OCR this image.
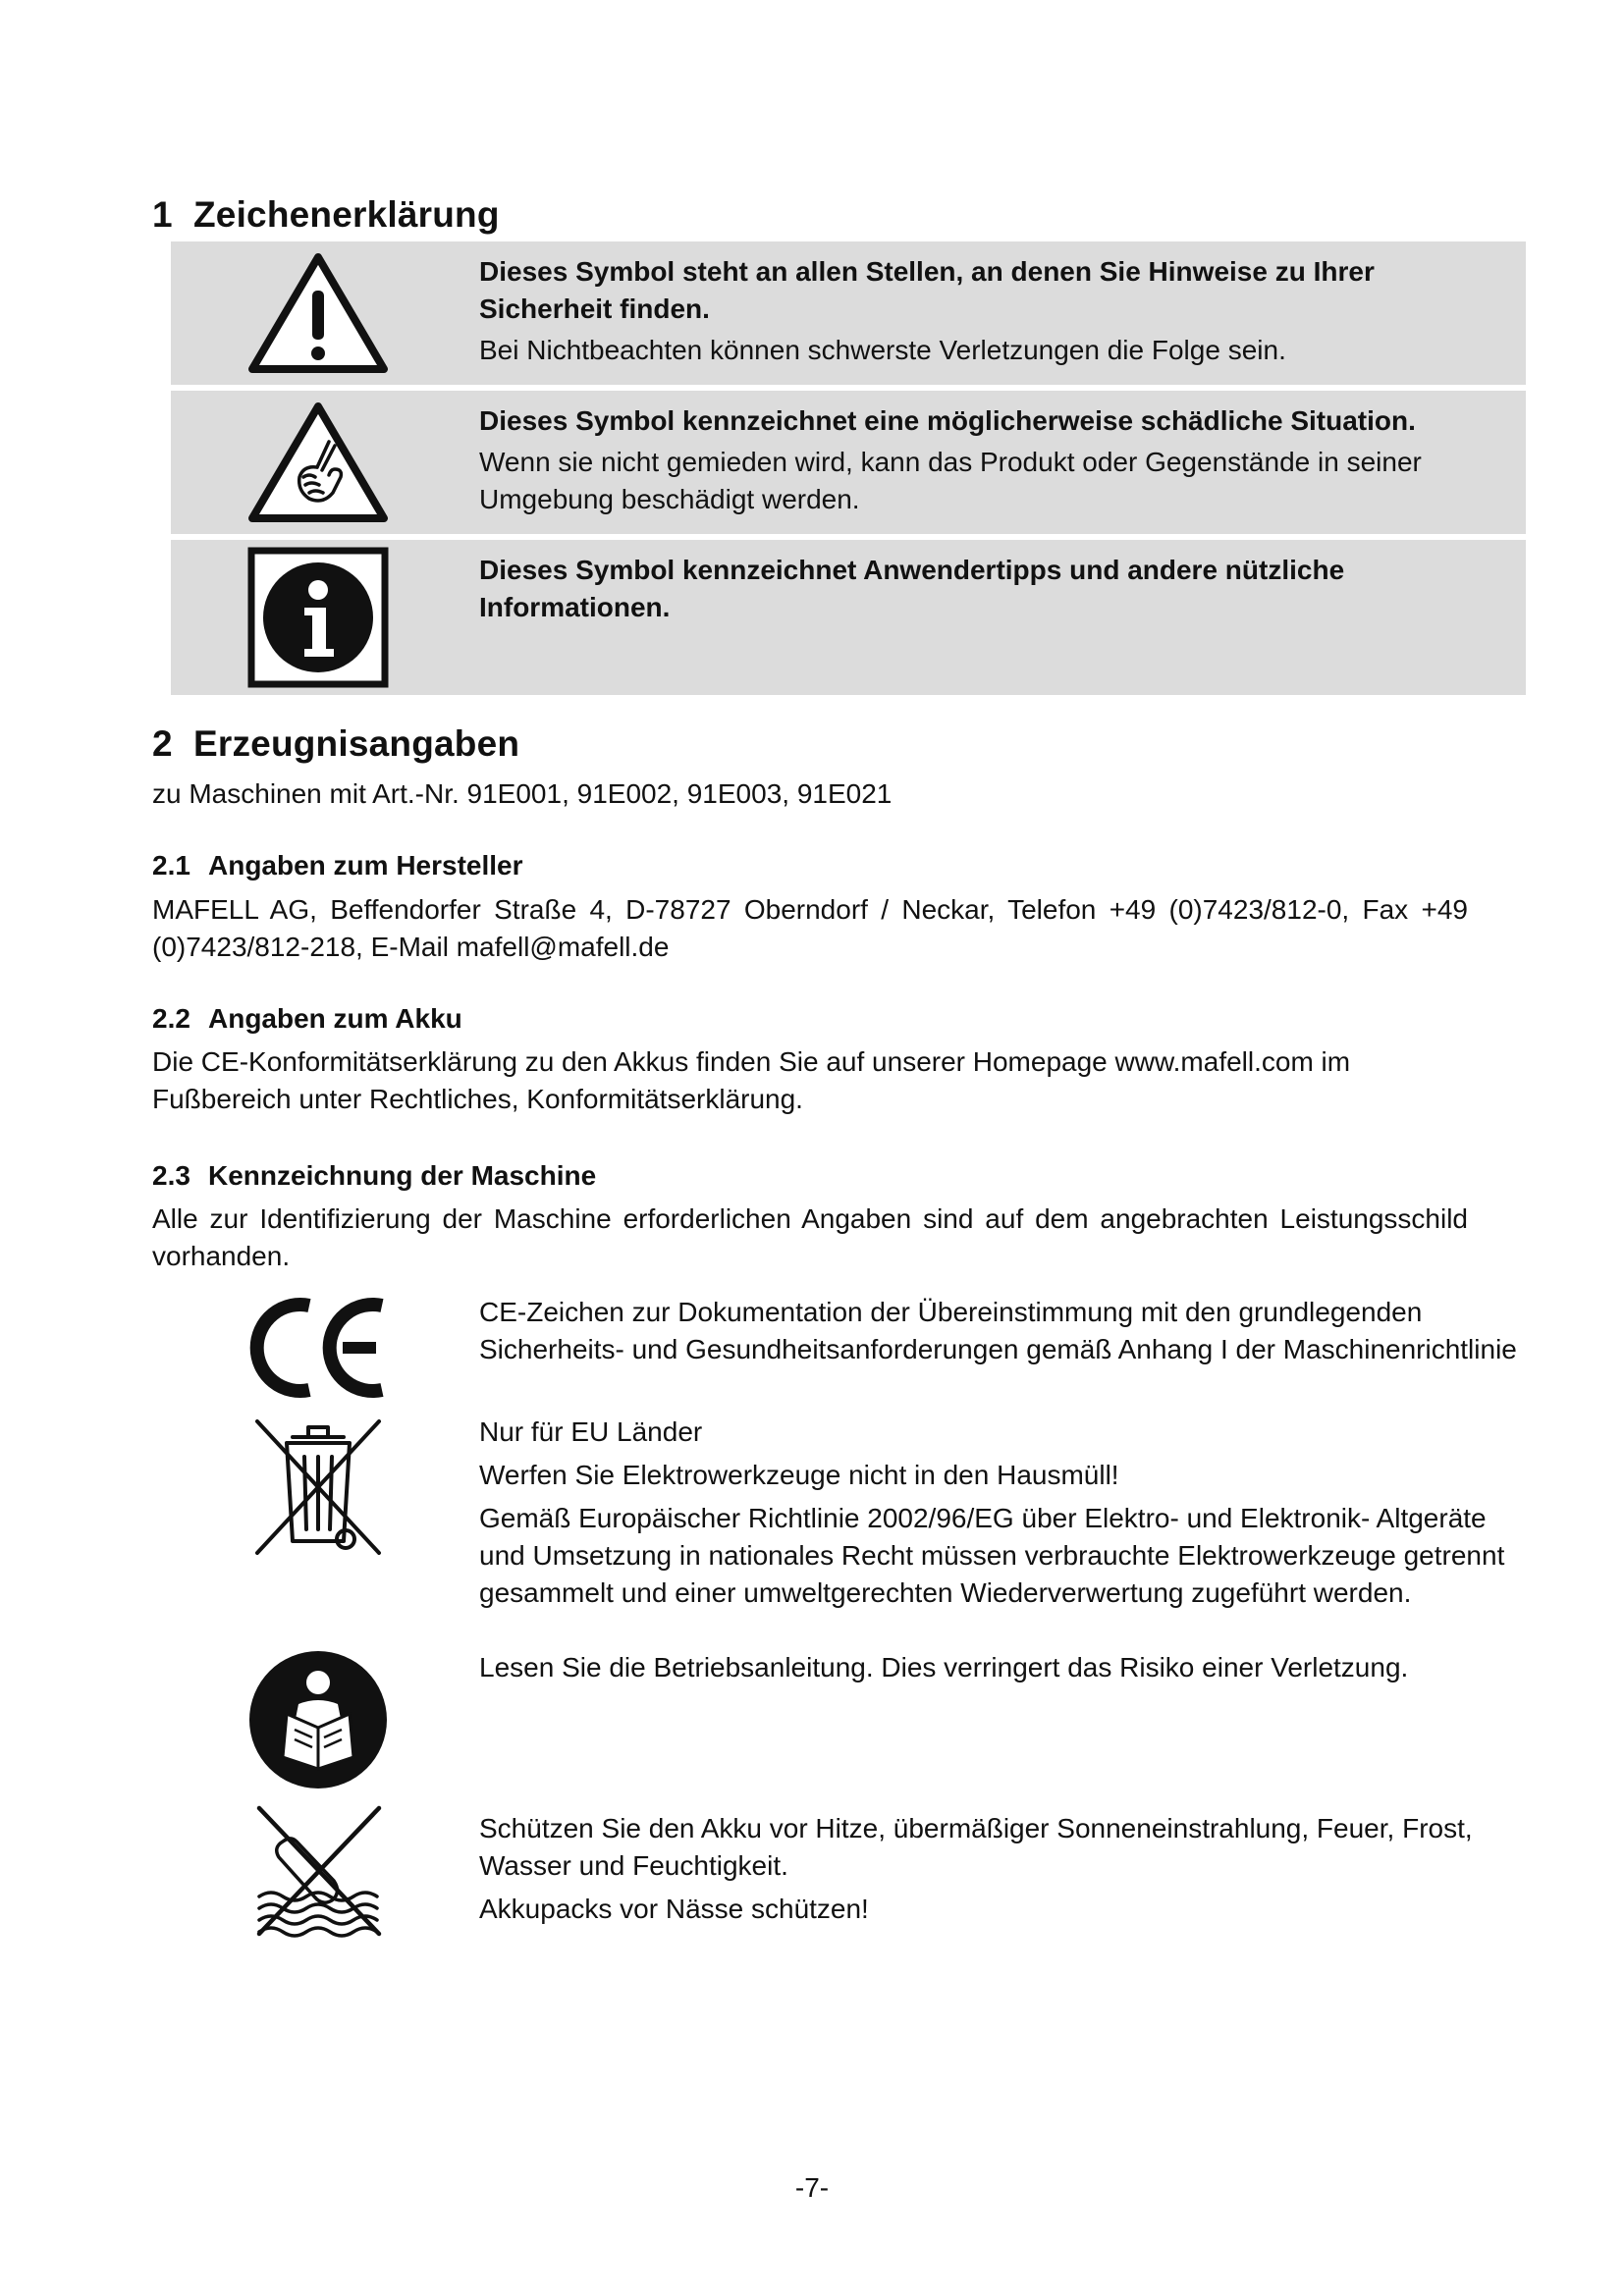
1 Zeichenerklärung
Dieses Symbol steht an allen Stellen, an denen Sie Hinweise zu Ihrer Sicherheit finden.
Bei Nichtbeachten können schwerste Verletzungen die Folge sein.
Dieses Symbol kennzeichnet eine möglicherweise schädliche Situation.
Wenn sie nicht gemieden wird, kann das Produkt oder Gegenstände in seiner Umgebung beschädigt werden.
Dieses Symbol kennzeichnet Anwendertipps und andere nützliche Informationen.
2 Erzeugnisangaben

zu Maschinen mit Art.-Nr. 91E001, 91E002, 91E003, 91E021

2.1 Angaben zum Hersteller

MAFELL AG, Beffendorfer Straße 4, D-78727 Oberndorf / Neckar, Telefon +49 (0)7423/812-0, Fax +49 (0)7423/812-218, E-Mail mafell@mafell.de

2.2 Angaben zum Akku

Die CE-Konformitätserklärung zu den Akkus finden Sie auf unserer Homepage www.mafell.com im Fußbereich unter Rechtliches, Konformitätserklärung.

2.3 Kennzeichnung der Maschine

Alle zur Identifizierung der Maschine erforderlichen Angaben sind auf dem angebrachten Leistungsschild vorhanden.

CE-Zeichen zur Dokumentation der Übereinstimmung mit den grundlegenden Sicherheits- und Gesundheitsanforderungen gemäß Anhang I der Maschinenrichtlinie
Nur für EU Länder
Werfen Sie Elektrowerkzeuge nicht in den Hausmüll!
Gemäß Europäischer Richtlinie 2002/96/EG über Elektro- und Elektronik- Altgeräte und Umsetzung in nationales Recht müssen verbrauchte Elektrowerkzeuge getrennt gesammelt und einer umweltgerechten Wiederverwertung zugeführt werden.
Lesen Sie die Betriebsanleitung. Dies verringert das Risiko einer Verletzung.
Schützen Sie den Akku vor Hitze, übermäßiger Sonneneinstrahlung, Feuer, Frost, Wasser und Feuchtigkeit.
Akkupacks vor Nässe schützen!
-7-
